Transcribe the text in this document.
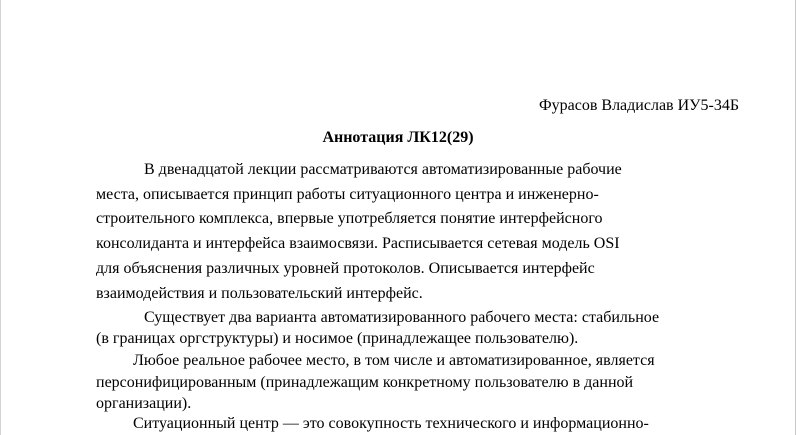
Фурасов Владислав ИУ5-34Б
Аннотация ЛК12(29)
В двенадцатой лекции рассматриваются автоматизированные рабочие
места, описывается принцип работы ситуационного центра и инженерно-
строительного комплекса, впервые употребляется понятие интерфейсного
консолиданта и интерфейса взаимосвязи. Расписывается сетевая модель OSI
для объяснения различных уровней протоколов. Описывается интерфейс
взаимодействия и пользовательский интерфейс.
Существует два варианта автоматизированного рабочего места: стабильное
(в границах оргструктуры) и носимое (принадлежащее пользователю).
Любое реальное рабочее место, в том числе и автоматизированное, является
персонифицированным (принадлежащим конкретному пользователю в данной
организации).
Ситуационный центр — это совокупность технического и информационно-
